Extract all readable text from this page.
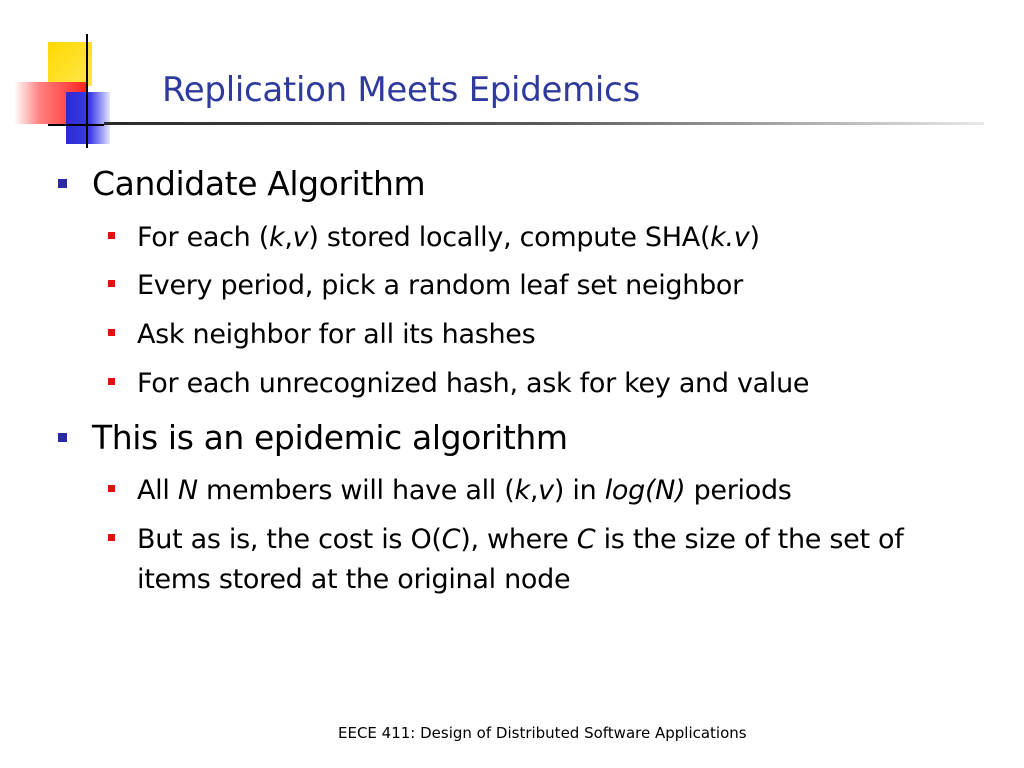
Replication Meets Epidemics
Candidate Algorithm
For each (k,v) stored locally, compute SHA(k.v)
Every period, pick a random leaf set neighbor
Ask neighbor for all its hashes
For each unrecognized hash, ask for key and value
This is an epidemic algorithm
All N members will have all (k,v) in log(N) periods
But as is, the cost is O(C), where C is the size of the set of items stored at the original node
EECE 411: Design of Distributed Software Applications
